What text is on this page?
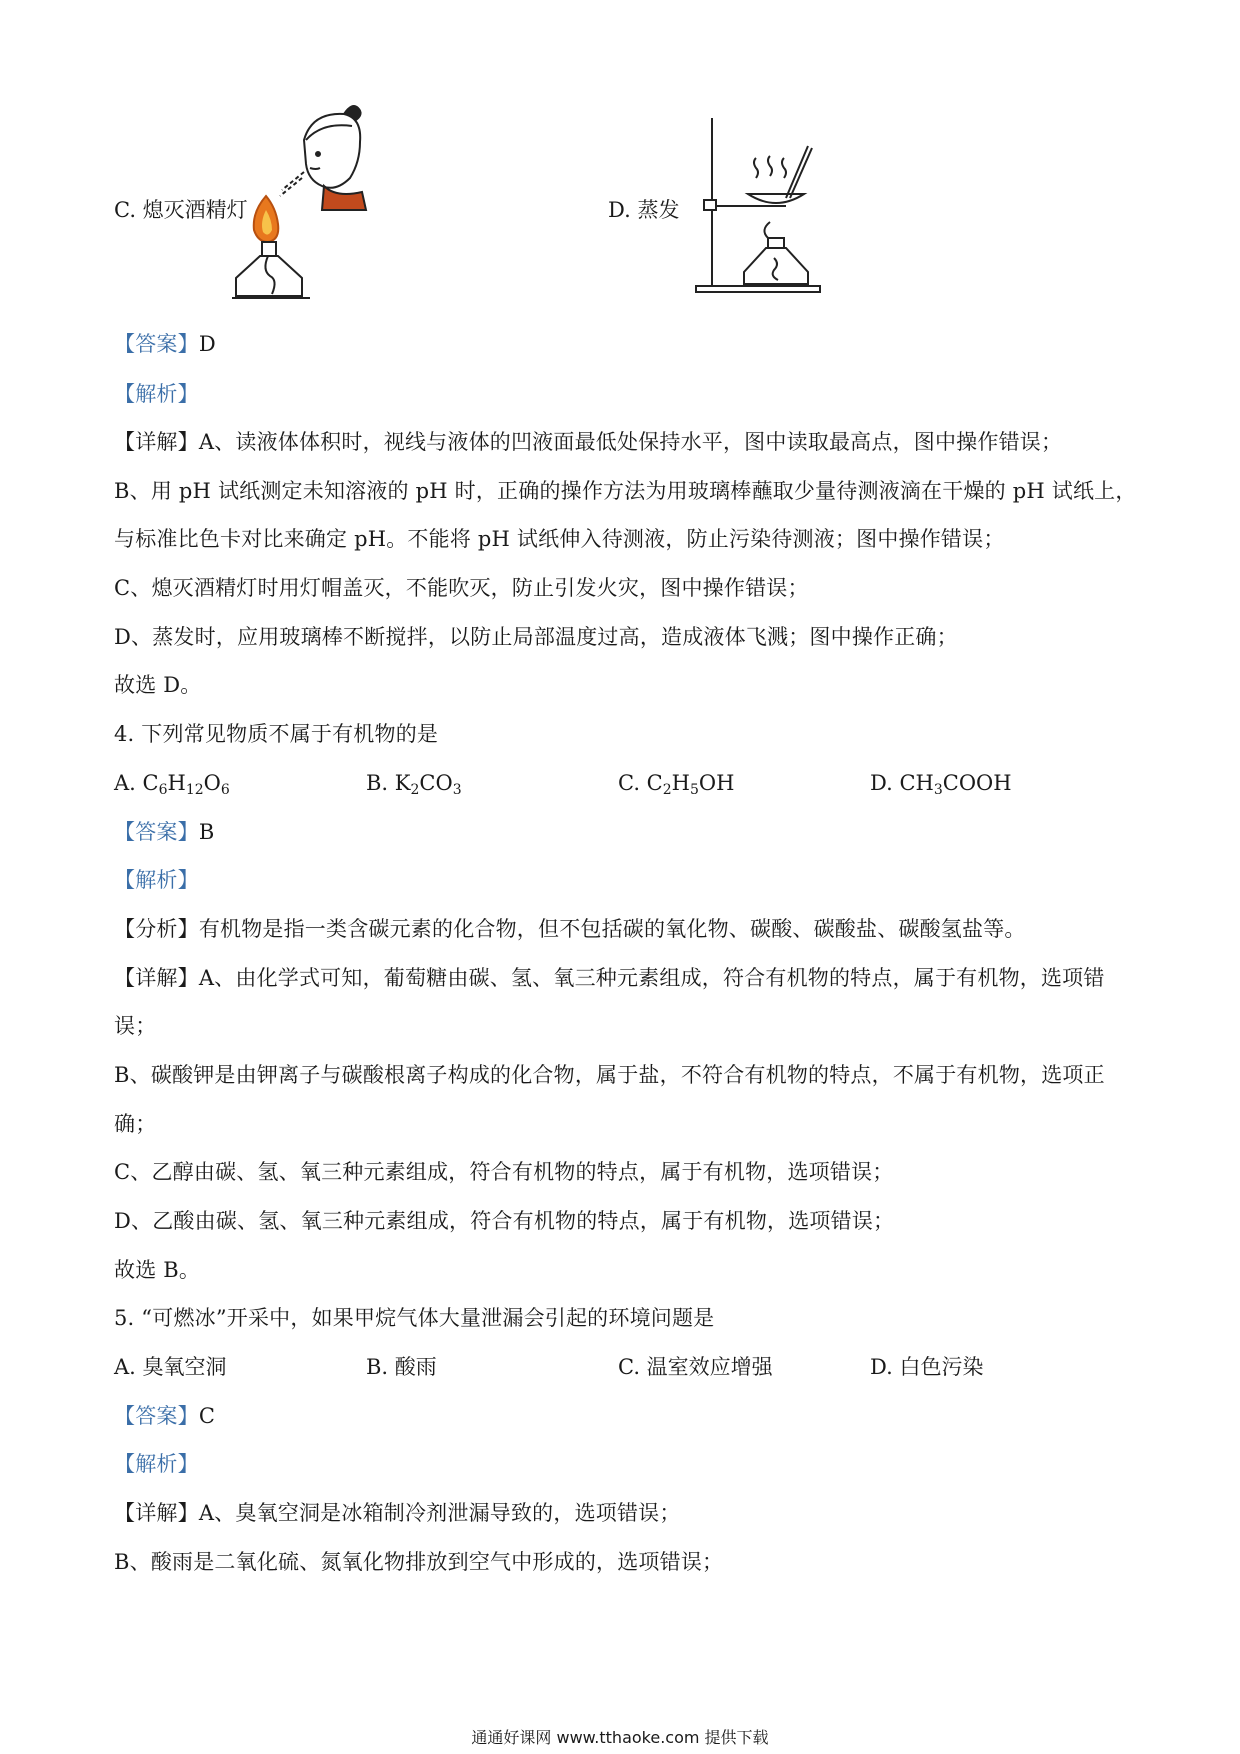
C. 熄灭酒精灯	D. 蒸发
【答案】D
【解析】
【详解】A、读液体体积时，视线与液体的凹液面最低处保持水平，图中读取最高点，图中操作错误；
B、用 pH 试纸测定未知溶液的 pH 时，正确的操作方法为用玻璃棒蘸取少量待测液滴在干燥的 pH 试纸上，
与标准比色卡对比来确定 pH。不能将 pH 试纸伸入待测液，防止污染待测液；图中操作错误；
C、熄灭酒精灯时用灯帽盖灭，不能吹灭，防止引发火灾，图中操作错误；
D、蒸发时，应用玻璃棒不断搅拌，以防止局部温度过高，造成液体飞溅；图中操作正确；
故选 D。
4. 下列常见物质不属于有机物的是
A. $C_6H_{12}O_6$	B. $K_2CO_3$	C. $C_2H_5OH$	D. $CH_3COOH$
【答案】B
【解析】
【分析】有机物是指一类含碳元素的化合物，但不包括碳的氧化物、碳酸、碳酸盐、碳酸氢盐等。
【详解】A、由化学式可知，葡萄糖由碳、氢、氧三种元素组成，符合有机物的特点，属于有机物，选项错
误；
B、碳酸钾是由钾离子与碳酸根离子构成的化合物，属于盐，不符合有机物的特点，不属于有机物，选项正
确；
C、乙醇由碳、氢、氧三种元素组成，符合有机物的特点，属于有机物，选项错误；
D、乙酸由碳、氢、氧三种元素组成，符合有机物的特点，属于有机物，选项错误；
故选 B。
5. “可燃冰”开采中，如果甲烷气体大量泄漏会引起的环境问题是
A. 臭氧空洞	B. 酸雨	C. 温室效应增强	D. 白色污染
【答案】C
【解析】
【详解】A、臭氧空洞是冰箱制冷剂泄漏导致的，选项错误；
B、酸雨是二氧化硫、氮氧化物排放到空气中形成的，选项错误；
通通好课网 www.tthaoke.com 提供下载
